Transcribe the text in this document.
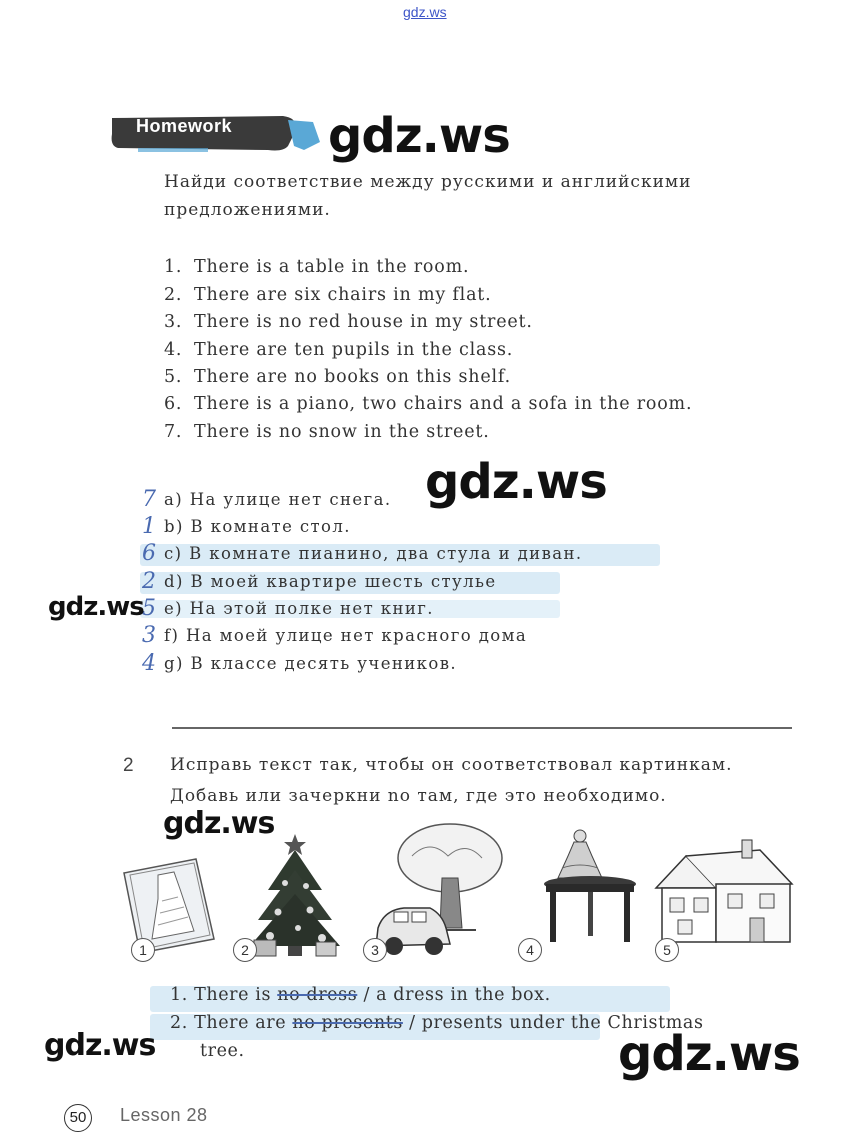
gdz.ws
Homework gdz.ws
Найди соответствие между русскими и английскими
предложениями.
1. There is a table in the room.
2. There are six chairs in my flat.
3. There is no red house in my street.
4. There are ten pupils in the class.
5. There are no books on this shelf.
6. There is a piano, two chairs and a sofa in the room.
7. There is no snow in the street.
gdz.ws
7 a) На улице нет снега.
1 b) В комнате стол.
6 c) В комнате пианино, два стула и диван.
2 d) В моей квартире шесть стулье
5 e) На этой полке нет книг.
3 f) На моей улице нет красного дома
4 g) В классе десять учеников.
gdz.ws
2 Исправь текст так, чтобы он соответствовал картинкам.
Добавь или зачеркни no там, где это необходимо.
gdz.ws
1	2	3	4	5
1. There is no dress / a dress in the box.
2. There are no presents / presents under the Christmas
tree.
gdz.ws	gdz.ws
50	Lesson 28
